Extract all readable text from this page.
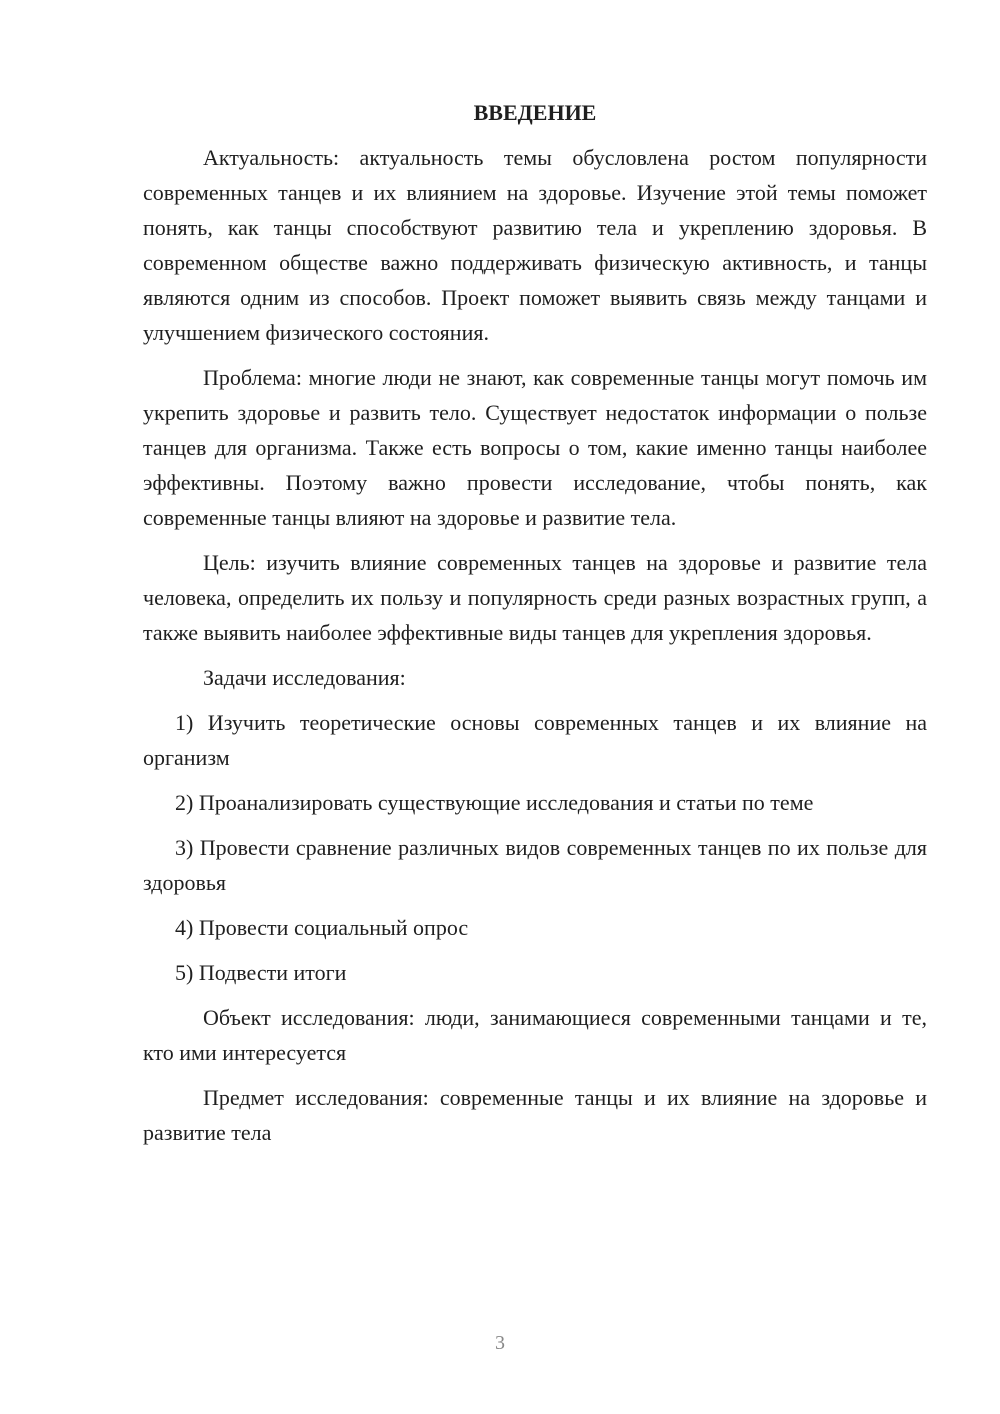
ВВЕДЕНИЕ

Актуальность: актуальность темы обусловлена ростом популярности современных танцев и их влиянием на здоровье. Изучение этой темы поможет понять, как танцы способствуют развитию тела и укреплению здоровья. В современном обществе важно поддерживать физическую активность, и танцы являются одним из способов. Проект поможет выявить связь между танцами и улучшением физического состояния.

Проблема: многие люди не знают, как современные танцы могут помочь им укрепить здоровье и развить тело. Существует недостаток информации о пользе танцев для организма. Также есть вопросы о том, какие именно танцы наиболее эффективны. Поэтому важно провести исследование, чтобы понять, как современные танцы влияют на здоровье и развитие тела.

Цель: изучить влияние современных танцев на здоровье и развитие тела человека, определить их пользу и популярность среди разных возрастных групп, а также выявить наиболее эффективные виды танцев для укрепления здоровья.

Задачи исследования:

1) Изучить теоретические основы современных танцев и их влияние на организм

2) Проанализировать существующие исследования и статьи по теме

3) Провести сравнение различных видов современных танцев по их пользе для здоровья

4) Провести социальный опрос

5) Подвести итоги

Объект исследования: люди, занимающиеся современными танцами и те, кто ими интересуется

Предмет исследования: современные танцы и их влияние на здоровье и развитие тела

3
